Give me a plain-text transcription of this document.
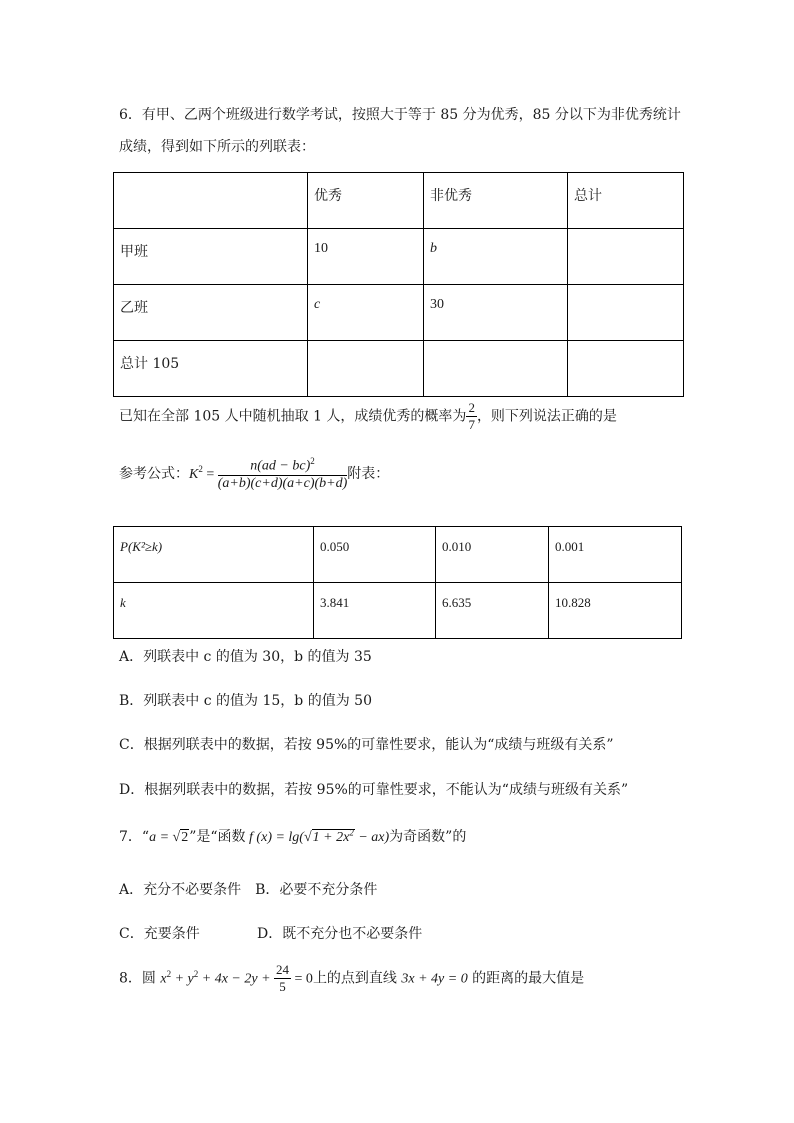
6．有甲、乙两个班级进行数学考试，按照大于等于 85 分为优秀，85 分以下为非优秀统计
成绩，得到如下所示的列联表：
	优秀	非优秀	总计
甲班	10	b	
乙班	c	30	
总计 105			
已知在全部 105 人中随机抽取 1 人，成绩优秀的概率为 $\frac{2}{7}$ ，则下列说法正确的是
参考公式：$K^2 = \frac{n(ad - bc)^2}{(a+b)(c+d)(a+c)(b+d)}$ 附表：
P(K²≥k)	0.050	0.010	0.001
k	3.841	6.635	10.828
A．列联表中 c 的值为 30，b 的值为 35
B．列联表中 c 的值为 15，b 的值为 50
C．根据列联表中的数据，若按 95%的可靠性要求，能认为“成绩与班级有关系”
D．根据列联表中的数据，若按 95%的可靠性要求，不能认为“成绩与班级有关系”
7．“a = √2”是“函数 f $(x) = \lg(√1 + 2x^2 - ax)$为奇函数”的
A．充分不必要条件　B．必要不充分条件
C．充要条件	D．既不充分也不必要条件
8．圆 $x^2 + y^2 + 4x - 2y + \frac{24}{5} = 0$上的点到直线 3x + 4y = 0 的距离的最大值是
